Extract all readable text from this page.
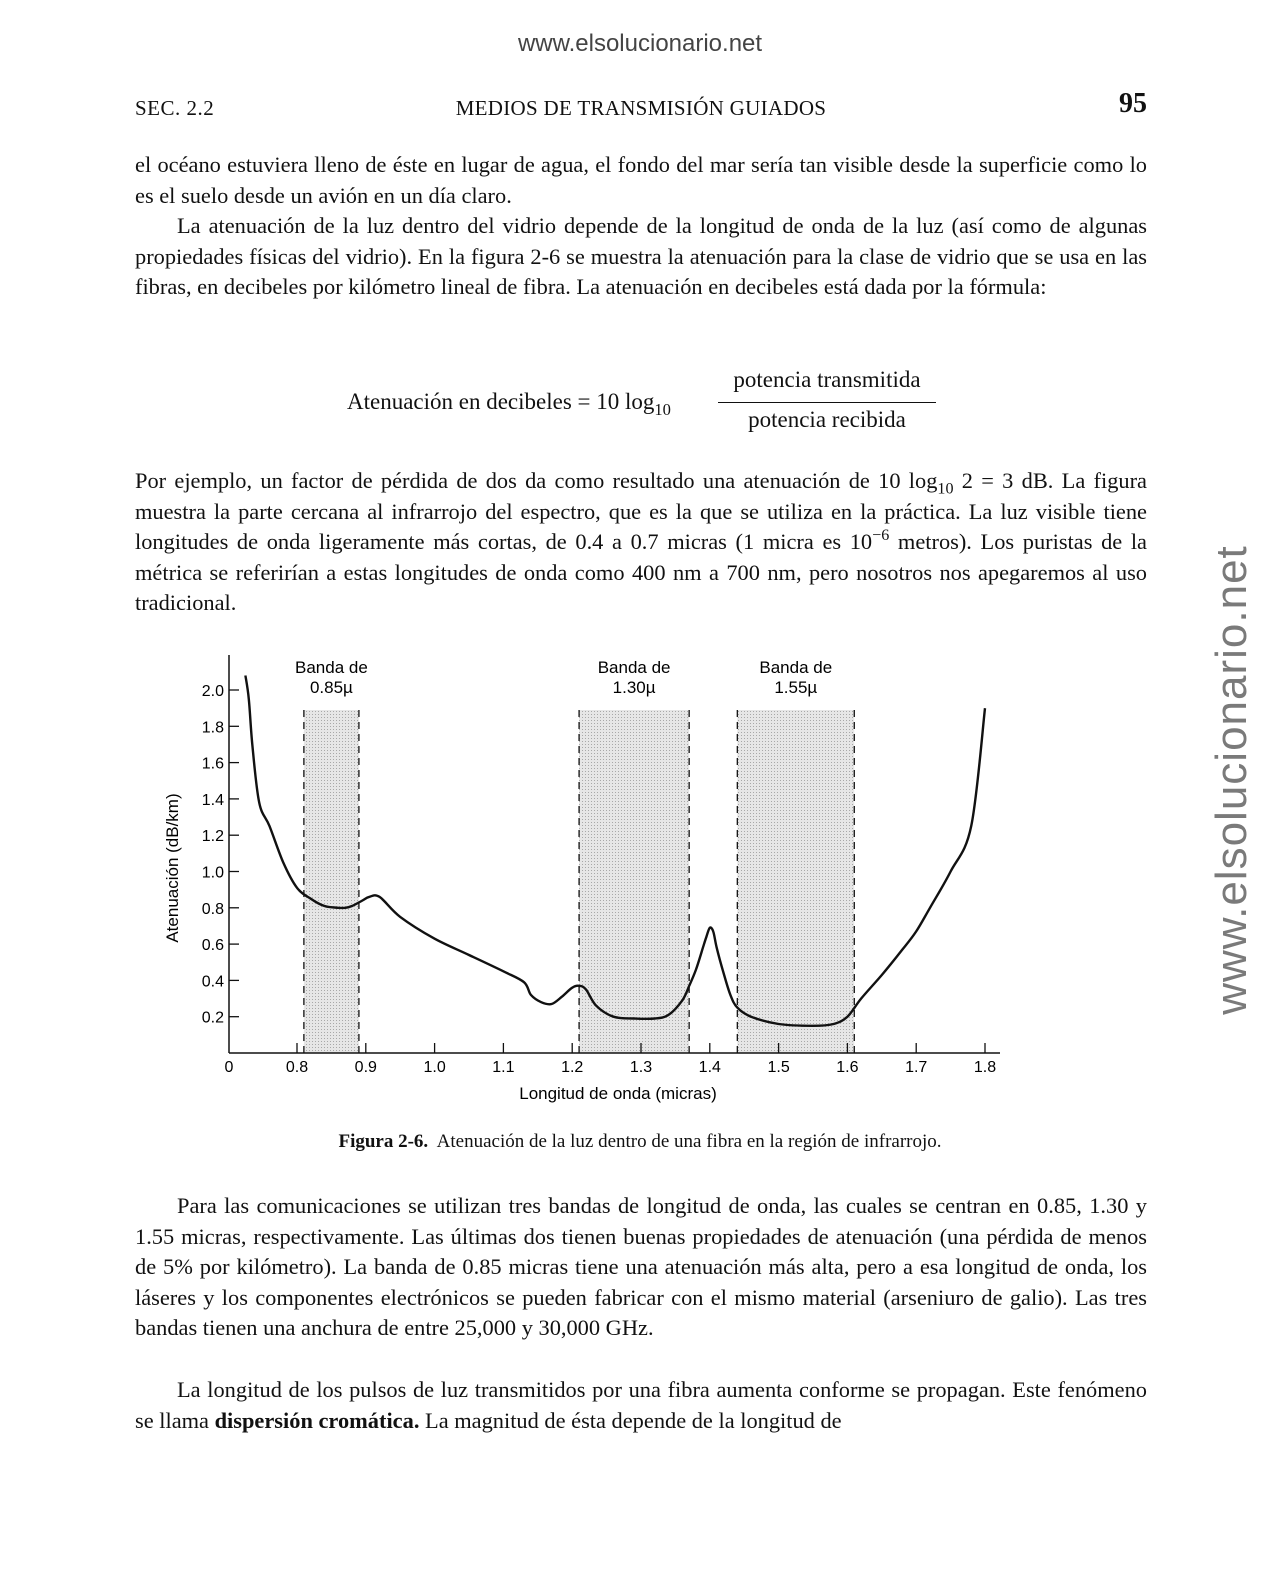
www.elsolucionario.net
www.elsolucionario.net
SEC. 2.2	MEDIOS DE TRANSMISIÓN GUIADOS	95

el océano estuviera lleno de éste en lugar de agua, el fondo del mar sería tan visible desde la superficie como lo es el suelo desde un avión en un día claro.

La atenuación de la luz dentro del vidrio depende de la longitud de onda de la luz (así como de algunas propiedades físicas del vidrio). En la figura 2-6 se muestra la atenuación para la clase de vidrio que se usa en las fibras, en decibeles por kilómetro lineal de fibra. La atenuación en decibeles está dada por la fórmula:

Atenuación en decibeles = 10 $\log_{10}$
potencia transmitida
potencia recibida

Por ejemplo, un factor de pérdida de dos da como resultado una atenuación de 10 $\log_{10} 2 = 3$ dB. La figura muestra la parte cercana al infrarrojo del espectro, que es la que se utiliza en la práctica. La luz visible tiene longitudes de onda ligeramente más cortas, de 0.4 a 0.7 micras (1 micra es $10^{-6}$ metros). Los puristas de la métrica se referirían a estas longitudes de onda como 400 nm a 700 nm, pero nosotros nos apegaremos al uso tradicional.

Banda de
0.85µ
Banda de
1.30µ
Banda de
1.55µ
0.2
0.4
0.6
0.8
1.0
1.2
1.4
1.6
1.8
2.0
0	0.8	0.9	1.0	1.1	1.2	1.3	1.4	1.5	1.6	1.7	1.8
Atenuación (dB/km)
Longitud de onda (micras)
Figura 2-6. Atenuación de la luz dentro de una fibra en la región de infrarrojo.

Para las comunicaciones se utilizan tres bandas de longitud de onda, las cuales se centran en 0.85, 1.30 y 1.55 micras, respectivamente. Las últimas dos tienen buenas propiedades de atenuación (una pérdida de menos de 5% por kilómetro). La banda de 0.85 micras tiene una atenuación más alta, pero a esa longitud de onda, los láseres y los componentes electrónicos se pueden fabricar con el mismo material (arseniuro de galio). Las tres bandas tienen una anchura de entre 25,000 y 30,000 GHz.

La longitud de los pulsos de luz transmitidos por una fibra aumenta conforme se propagan. Este fenómeno se llama dispersión cromática. La magnitud de ésta depende de la longitud de
